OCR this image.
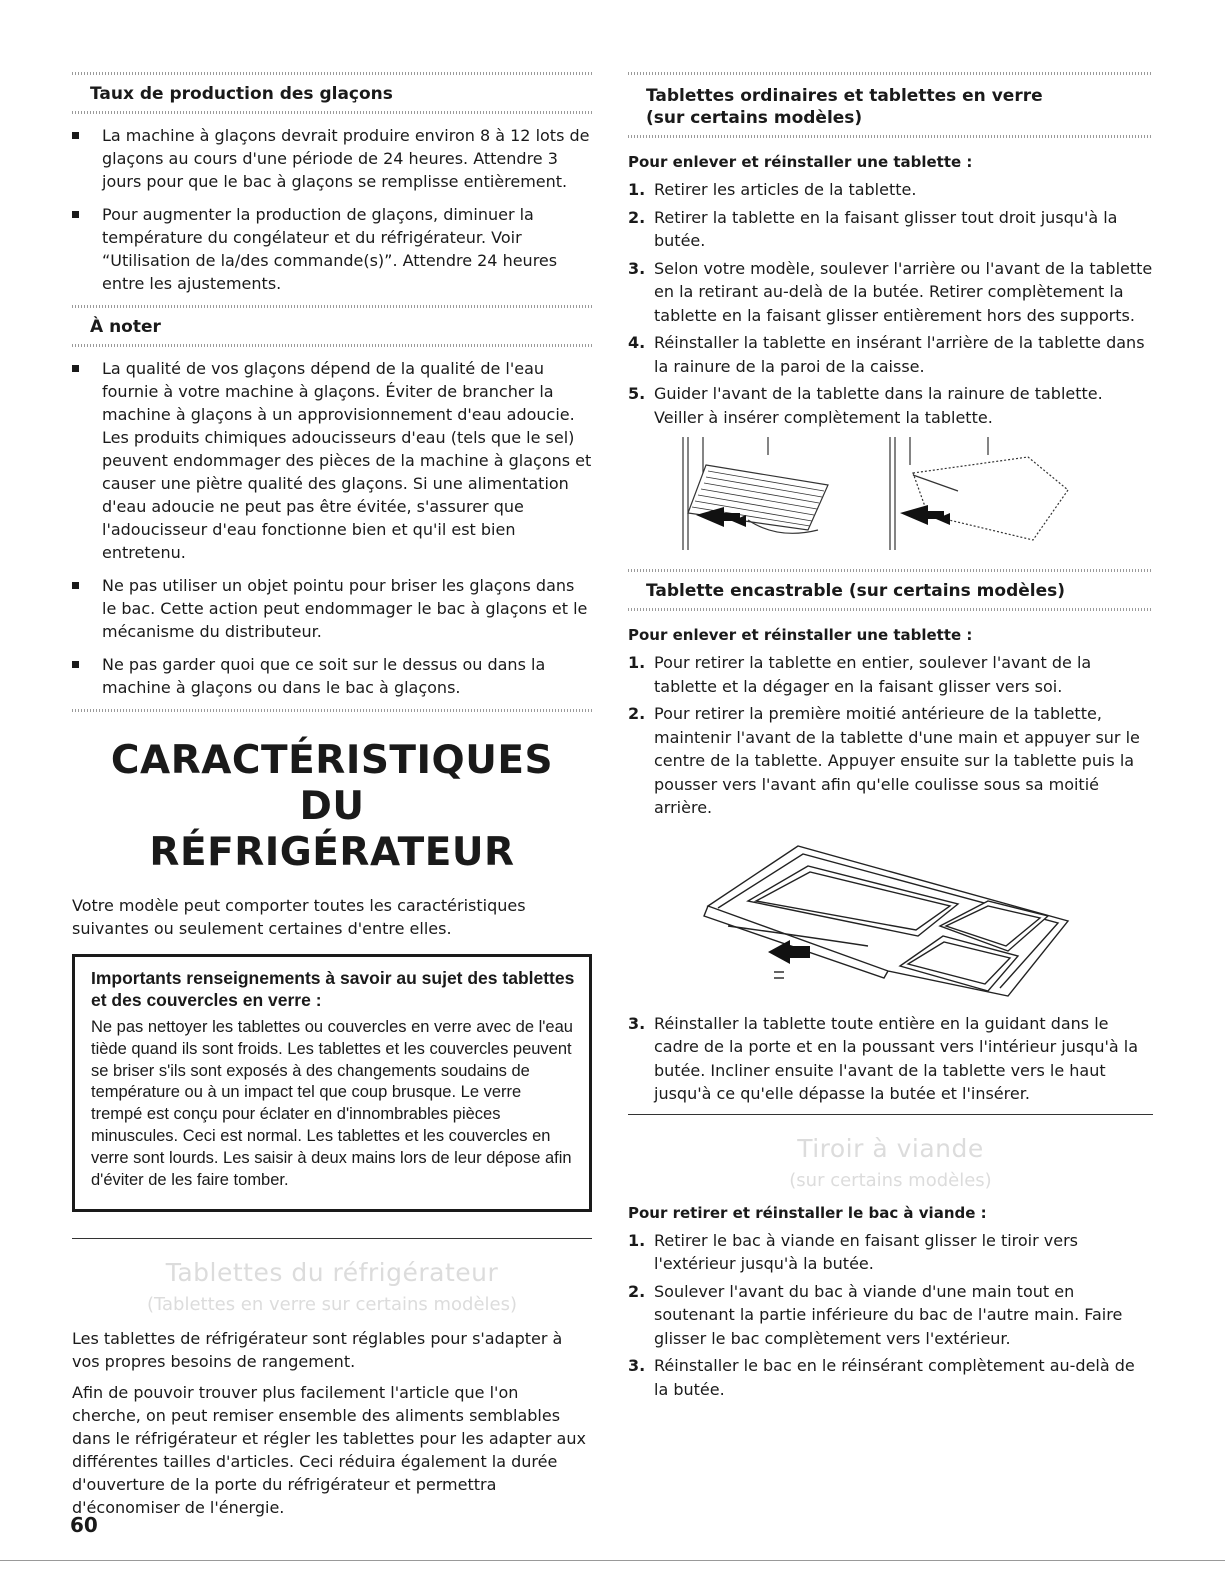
Taux de production des glaçons
La machine à glaçons devrait produire environ 8 à 12 lots de glaçons au cours d'une période de 24 heures. Attendre 3 jours pour que le bac à glaçons se remplisse entièrement.
Pour augmenter la production de glaçons, diminuer la température du congélateur et du réfrigérateur. Voir “Utilisation de la/des commande(s)”. Attendre 24 heures entre les ajustements.
À noter
La qualité de vos glaçons dépend de la qualité de l'eau fournie à votre machine à glaçons. Éviter de brancher la machine à glaçons à un approvisionnement d'eau adoucie. Les produits chimiques adoucisseurs d'eau (tels que le sel) peuvent endommager des pièces de la machine à glaçons et causer une piètre qualité des glaçons. Si une alimentation d'eau adoucie ne peut pas être évitée, s'assurer que l'adoucisseur d'eau fonctionne bien et qu'il est bien entretenu.
Ne pas utiliser un objet pointu pour briser les glaçons dans le bac. Cette action peut endommager le bac à glaçons et le mécanisme du distributeur.
Ne pas garder quoi que ce soit sur le dessus ou dans la machine à glaçons ou dans le bac à glaçons.
CARACTÉRISTIQUES DU
RÉFRIGÉRATEUR

Votre modèle peut comporter toutes les caractéristiques suivantes ou seulement certaines d'entre elles.

Importants renseignements à savoir au sujet des tablettes et des couvercles en verre :

Ne pas nettoyer les tablettes ou couvercles en verre avec de l'eau tiède quand ils sont froids. Les tablettes et les couvercles peuvent se briser s'ils sont exposés à des changements soudains de température ou à un impact tel que coup brusque. Le verre trempé est conçu pour éclater en d'innombrables pièces minuscules. Ceci est normal. Les tablettes et les couvercles en verre sont lourds. Les saisir à deux mains lors de leur dépose afin d'éviter de les faire tomber.

Tablettes du réfrigérateur
(Tablettes en verre sur certains modèles)

Les tablettes de réfrigérateur sont réglables pour s'adapter à vos propres besoins de rangement.

Afin de pouvoir trouver plus facilement l'article que l'on cherche, on peut remiser ensemble des aliments semblables dans le réfrigérateur et régler les tablettes pour les adapter aux différentes tailles d'articles. Ceci réduira également la durée d'ouverture de la porte du réfrigérateur et permettra d'économiser de l'énergie.

Tablettes ordinaires et tablettes en verre
(sur certains modèles)
Pour enlever et réinstaller une tablette :
1. Retirer les articles de la tablette.
2. Retirer la tablette en la faisant glisser tout droit jusqu'à la butée.
3. Selon votre modèle, soulever l'arrière ou l'avant de la tablette en la retirant au-delà de la butée. Retirer complètement la tablette en la faisant glisser entièrement hors des supports.
4. Réinstaller la tablette en insérant l'arrière de la tablette dans la rainure de la paroi de la caisse.
5. Guider l'avant de la tablette dans la rainure de tablette. Veiller à insérer complètement la tablette.
Tablette encastrable (sur certains modèles)
Pour enlever et réinstaller une tablette :
1. Pour retirer la tablette en entier, soulever l'avant de la tablette et la dégager en la faisant glisser vers soi.
2. Pour retirer la première moitié antérieure de la tablette, maintenir l'avant de la tablette d'une main et appuyer sur le centre de la tablette. Appuyer ensuite sur la tablette puis la pousser vers l'avant afin qu'elle coulisse sous sa moitié arrière.
3. Réinstaller la tablette toute entière en la guidant dans le cadre de la porte et en la poussant vers l'intérieur jusqu'à la butée. Incliner ensuite l'avant de la tablette vers le haut jusqu'à ce qu'elle dépasse la butée et l'insérer.
Tiroir à viande
(sur certains modèles)
Pour retirer et réinstaller le bac à viande :
1. Retirer le bac à viande en faisant glisser le tiroir vers l'extérieur jusqu'à la butée.
2. Soulever l'avant du bac à viande d'une main tout en soutenant la partie inférieure du bac de l'autre main. Faire glisser le bac complètement vers l'extérieur.
3. Réinstaller le bac en le réinsérant complètement au-delà de la butée.
60
